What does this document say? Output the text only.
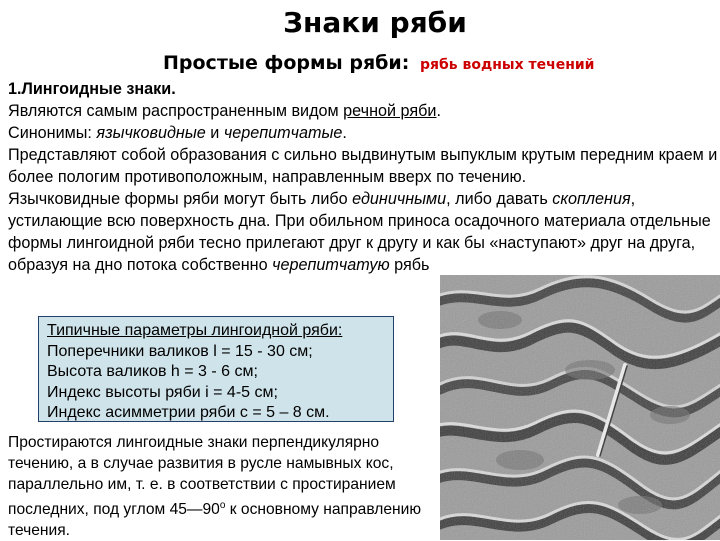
Знаки ряби
Простые формы ряби: рябь водных течений

1.Лингоидные знаки.

Являются самым распространенным видом речной ряби.

Синонимы: язычковидные и черепитчатые.

Представляют собой образования с сильно выдвинутым выпуклым крутым передним краем и более пологим противоположным, направленным вверх по течению.

Язычковидные формы ряби могут быть либо единичными, либо давать скопления, устилающие всю поверхность дна. При обильном приноса осадочного материала отдельные формы лингоидной ряби тесно прилегают друг к другу и как бы «наступают» друг на друга, образуя на дно потока собственно черепитчатую рябь

Типичные параметры лингоидной ряби:
Поперечники валиков l = 15 - 30 см;
Высота валиков h = 3 - 6 см;
Индекс высоты ряби i = 4-5 см;
Индекс асимметрии ряби c = 5 – 8 см.
Простираются лингоидные знаки перпендикулярно течению, а в случае развития в русле намывных кос, параллельно им, т. е. в соответствии с простиранием последних, под углом $45—90^о$ к основному направлению течения.
